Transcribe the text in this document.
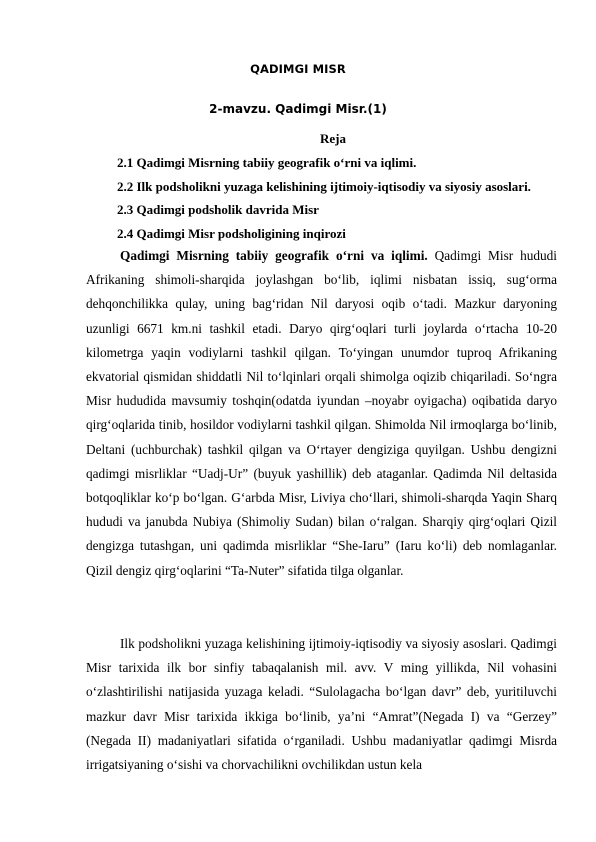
QADIMGI MISR
2-mavzu. Qadimgi Misr.(1)
Reja
2.1 Qadimgi Misrning tabiiy geografik o‘rni va iqlimi.
2.2 Ilk podsholikni yuzaga kelishining ijtimoiy-iqtisodiy va siyosiy asoslari.
2.3 Qadimgi podsholik davrida Misr
2.4 Qadimgi Misr podsholigining inqirozi

Qadimgi Misrning tabiiy geografik o‘rni va iqlimi. Qadimgi Misr hududi Afrikaning shimoli-sharqida joylashgan bo‘lib, iqlimi nisbatan issiq, sug‘orma dehqonchilikka qulay, uning bag‘ridan Nil daryosi oqib o‘tadi. Mazkur daryoning uzunligi 6671 km.ni tashkil etadi. Daryo qirg‘oqlari turli joylarda o‘rtacha 10-20 kilometrga yaqin vodiylarni tashkil qilgan. To‘yingan unumdor tuproq Afrikaning ekvatorial qismidan shiddatli Nil to‘lqinlari orqali shimolga oqizib chiqariladi. So‘ngra Misr hududida mavsumiy toshqin(odatda iyundan –noyabr oyigacha) oqibatida daryo qirg‘oqlarida tinib, hosildor vodiylarni tashkil qilgan. Shimolda Nil irmoqlarga bo‘linib, Deltani (uchburchak) tashkil qilgan va O‘rtayer dengiziga quyilgan. Ushbu dengizni qadimgi misrliklar “Uadj-Ur” (buyuk yashillik) deb ataganlar. Qadimda Nil deltasida botqoqliklar ko‘p bo‘lgan. G‘arbda Misr, Liviya cho‘llari, shimoli-sharqda Yaqin Sharq hududi va janubda Nubiya (Shimoliy Sudan) bilan o‘ralgan. Sharqiy qirg‘oqlari Qizil dengizga tutashgan, uni qadimda misrliklar “She-Iaru” (Iaru ko‘li) deb nomlaganlar. Qizil dengiz qirg‘oqlarini “Ta-Nuter” sifatida tilga olganlar.

Ilk podsholikni yuzaga kelishining ijtimoiy-iqtisodiy va siyosiy asoslari. Qadimgi Misr tarixida ilk bor sinfiy tabaqalanish mil. avv. V ming yillikda, Nil vohasini o‘zlashtirilishi natijasida yuzaga keladi. “Sulolagacha bo‘lgan davr” deb, yuritiluvchi mazkur davr Misr tarixida ikkiga bo‘linib, ya’ni “Amrat”(Negada I) va “Gerzey” (Negada II) madaniyatlari sifatida o‘rganiladi. Ushbu madaniyatlar qadimgi Misrda irrigatsiyaning o‘sishi va chorvachilikni ovchilikdan ustun kela
